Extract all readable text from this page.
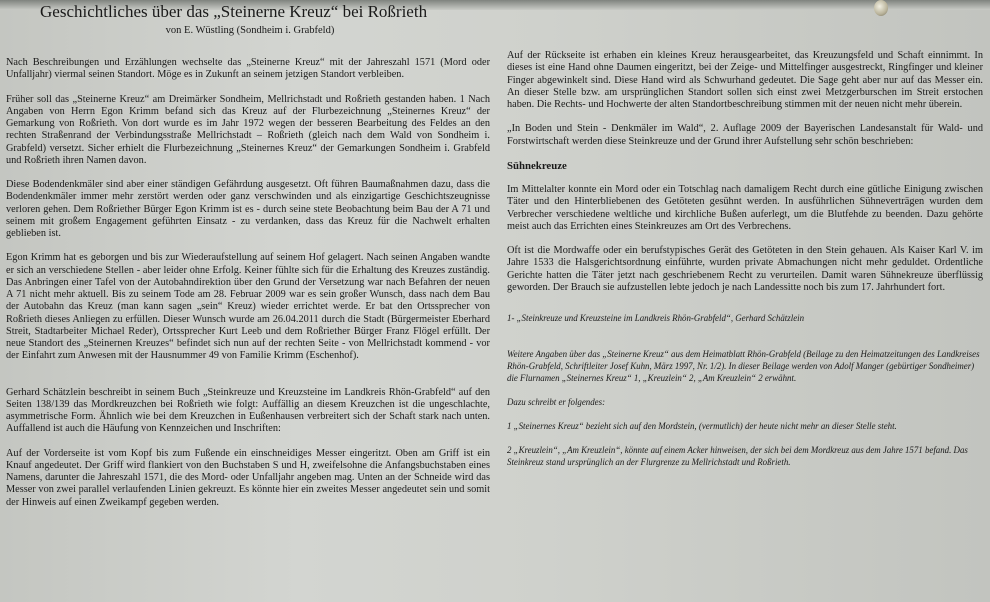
Geschichtliches über das „Steinerne Kreuz“ bei Roßrieth
von E. Wüstling (Sondheim i. Grabfeld)

Nach Beschreibungen und Erzählungen wechselte das „Steinerne Kreuz“ mit der Jahreszahl 1571 (Mord oder Unfalljahr) viermal seinen Standort. Möge es in Zukunft an seinem jetzigen Standort verbleiben.

Früher soll das „Steinerne Kreuz“ am Dreimärker Sondheim, Mellrichstadt und Roßrieth gestanden haben. 1 Nach Angaben von Herrn Egon Krimm befand sich das Kreuz auf der Flurbezeichnung „Steinernes Kreuz“ der Gemarkung von Roßrieth. Von dort wurde es im Jahr 1972 wegen der besseren Bearbeitung des Feldes an den rechten Straßenrand der Verbindungsstraße Mellrichstadt – Roßrieth (gleich nach dem Wald von Sondheim i. Grabfeld) versetzt. Sicher erhielt die Flurbezeichnung „Steinernes Kreuz“ der Gemarkungen Sondheim i. Grabfeld und Roßrieth ihren Namen davon.

Diese Bodendenkmäler sind aber einer ständigen Gefährdung ausgesetzt. Oft führen Baumaßnahmen dazu, dass die Bodendenkmäler immer mehr zerstört werden oder ganz verschwinden und als einzigartige Geschichtszeugnisse verloren gehen. Dem Roßriether Bürger Egon Krimm ist es - durch seine stete Beobachtung beim Bau der A 71 und seinem mit großem Engagement geführten Einsatz - zu verdanken, dass das Kreuz für die Nachwelt erhalten geblieben ist.

Egon Krimm hat es geborgen und bis zur Wiederaufstellung auf seinem Hof gelagert. Nach seinen Angaben wandte er sich an verschiedene Stellen - aber leider ohne Erfolg. Keiner fühlte sich für die Erhaltung des Kreuzes zuständig. Das Anbringen einer Tafel von der Autobahndirektion über den Grund der Versetzung war nach Befahren der neuen A 71 nicht mehr aktuell. Bis zu seinem Tode am 28. Februar 2009 war es sein großer Wunsch, dass nach dem Bau der Autobahn das Kreuz (man kann sagen „sein“ Kreuz) wieder errichtet werde. Er bat den Ortssprecher von Roßrieth dieses Anliegen zu erfüllen. Dieser Wunsch wurde am 26.04.2011 durch die Stadt (Bürgermeister Eberhard Streit, Stadtarbeiter Michael Reder), Ortssprecher Kurt Leeb und dem Roßriether Bürger Franz Flögel erfüllt. Der neue Standort des „Steinernen Kreuzes“ befindet sich nun auf der rechten Seite - von Mellrichstadt kommend - vor der Einfahrt zum Anwesen mit der Hausnummer 49 von Familie Krimm (Eschenhof).

Gerhard Schätzlein beschreibt in seinem Buch „Steinkreuze und Kreuzsteine im Landkreis Rhön-Grabfeld“ auf den Seiten 138/139 das Mordkreuzchen bei Roßrieth wie folgt: Auffällig an diesem Kreuzchen ist die ungeschlachte, asymmetrische Form. Ähnlich wie bei dem Kreuzchen in Eußenhausen verbreitert sich der Schaft stark nach unten. Auffallend ist auch die Häufung von Kennzeichen und Inschriften:

Auf der Vorderseite ist vom Kopf bis zum Fußende ein einschneidiges Messer eingeritzt. Oben am Griff ist ein Knauf angedeutet. Der Griff wird flankiert von den Buchstaben S und H, zweifelsohne die Anfangsbuchstaben eines Namens, darunter die Jahreszahl 1571, die des Mord- oder Unfalljahr angeben mag. Unten an der Schneide wird das Messer von zwei parallel verlaufenden Linien gekreuzt. Es könnte hier ein zweites Messer angedeutet sein und somit der Hinweis auf einen Zweikampf gegeben werden.

Auf der Rückseite ist erhaben ein kleines Kreuz herausgearbeitet, das Kreuzungsfeld und Schaft einnimmt. In dieses ist eine Hand ohne Daumen eingeritzt, bei der Zeige- und Mittelfinger ausgestreckt, Ringfinger und kleiner Finger abgewinkelt sind. Diese Hand wird als Schwurhand gedeutet. Die Sage geht aber nur auf das Messer ein. An dieser Stelle bzw. am ursprünglichen Standort sollen sich einst zwei Metzgerburschen im Streit erstochen haben. Die Rechts- und Hochwerte der alten Standortbeschreibung stimmen mit der neuen nicht mehr überein.

„In Boden und Stein - Denkmäler im Wald“, 2. Auflage 2009 der Bayerischen Landesanstalt für Wald- und Forstwirtschaft werden diese Steinkreuze und der Grund ihrer Aufstellung sehr schön beschrieben:

Sühnekreuze

Im Mittelalter konnte ein Mord oder ein Totschlag nach damaligem Recht durch eine gütliche Einigung zwischen Täter und den Hinterbliebenen des Getöteten gesühnt werden. In ausführlichen Sühneverträgen wurden dem Verbrecher verschiedene weltliche und kirchliche Bußen auferlegt, um die Blutfehde zu beenden. Dazu gehörte meist auch das Errichten eines Steinkreuzes am Ort des Verbrechens.

Oft ist die Mordwaffe oder ein berufstypisches Gerät des Getöteten in den Stein gehauen. Als Kaiser Karl V. im Jahre 1533 die Halsgerichtsordnung einführte, wurden private Abmachungen nicht mehr geduldet. Ordentliche Gerichte hatten die Täter jetzt nach geschriebenem Recht zu verurteilen. Damit waren Sühnekreuze überflüssig geworden. Der Brauch sie aufzustellen lebte jedoch je nach Landessitte noch bis zum 17. Jahrhundert fort.

1- „Steinkreuze und Kreuzsteine im Landkreis Rhön-Grabfeld“, Gerhard Schätzlein

Weitere Angaben über das „Steinerne Kreuz“ aus dem Heimatblatt Rhön-Grabfeld (Beilage zu den Heimatzeitungen des Landkreises Rhön-Grabfeld, Schriftleiter Josef Kuhn, März 1997, Nr. 1/2). In dieser Beilage werden von Adolf Manger (gebürtiger Sondheimer) die Flurnamen „Steinernes Kreuz“ 1, „Kreuzlein“ 2, „Am Kreuzlein“ 2 erwähnt.

Dazu schreibt er folgendes:

1 „Steinernes Kreuz“ bezieht sich auf den Mordstein, (vermutlich) der heute nicht mehr an dieser Stelle steht.

2 „Kreuzlein“, „Am Kreuzlein“, könnte auf einem Acker hinweisen, der sich bei dem Mordkreuz aus dem Jahre 1571 befand. Das Steinkreuz stand ursprünglich an der Flurgrenze zu Mellrichstadt und Roßrieth.
